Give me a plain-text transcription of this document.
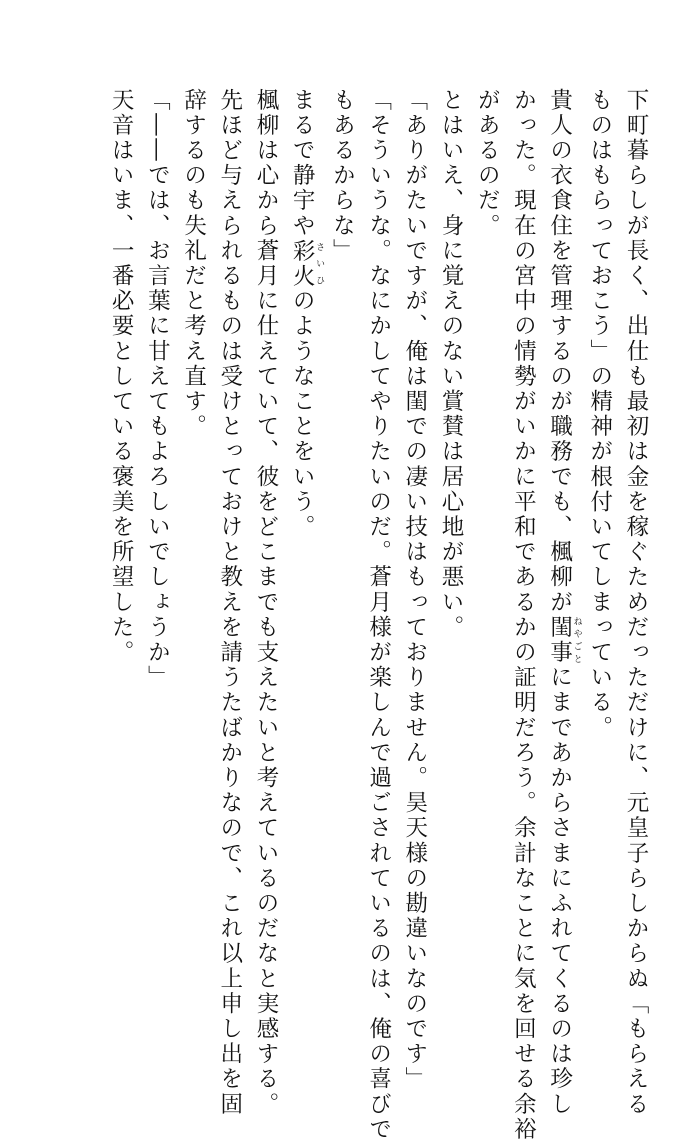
下町暮らしが長く、出仕も最初は金を稼ぐためだっただけに、元皇子らしからぬ「もらえる
ものはもらっておこう」の精神が根付いてしまっている。
貴人の衣食住を管理するのが職務でも、楓柳が閨事 ねやごとにまであからさまにふれてくるのは珍し
かった。現在の宮中の情勢がいかに平和であるかの証明だろう。余計なことに気を回せる余裕
があるのだ。
とはいえ、身に覚えのない賞賛は居心地が悪い。
「ありがたいですが、俺は閨での凄い技はもっておりません。昊天様の勘違いなのです」
「そういうな。なにかしてやりたいのだ。蒼月様が楽しんで過ごされているのは、俺の喜びで
もあるからな」
まるで静宇や彩火 さいひのようなことをいう。
楓柳は心から蒼月に仕えていて、彼をどこまでも支えたいと考えているのだなと実感する。
先ほど与えられるものは受けとっておけと教えを請うたばかりなので、これ以上申し出を固
辞するのも失礼だと考え直す。
「――では、お言葉に甘えてもよろしいでしょうか」
天音はいま、一番必要としている褒美を所望した。
